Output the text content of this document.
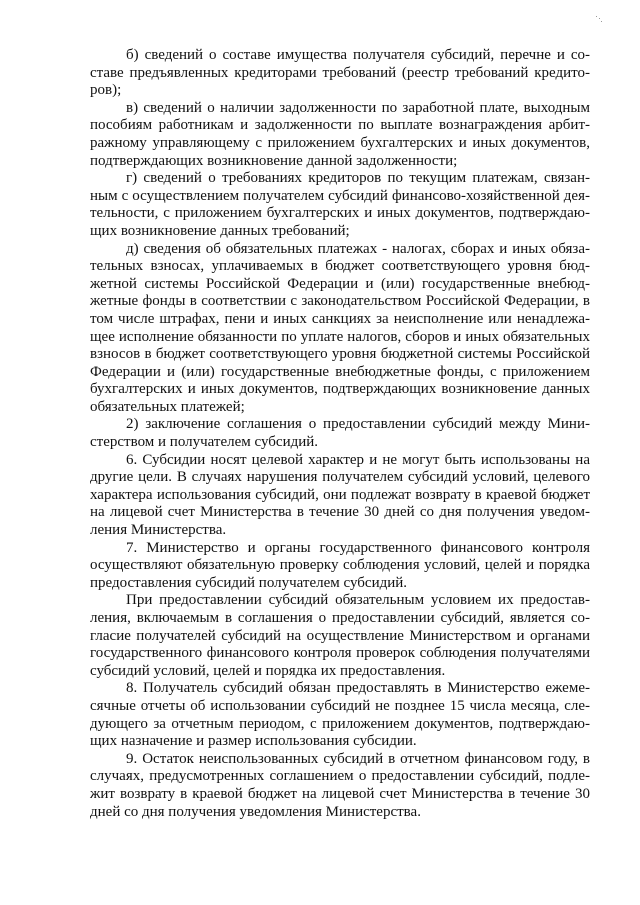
б) сведений о составе имущества получателя субсидий, перечне и составе предъявленных кредиторами требований (реестр требований кредиторов);

в) сведений о наличии задолженности по заработной плате, выходным пособиям работникам и задолженности по выплате вознаграждения арбитражному управляющему с приложением бухгалтерских и иных документов, подтверждающих возникновение данной задолженности;

г) сведений о требованиях кредиторов по текущим платежам, связанным с осуществлением получателем субсидий финансово-хозяйственной деятельности, с приложением бухгалтерских и иных документов, подтверждающих возникновение данных требований;

д) сведения об обязательных платежах - налогах, сборах и иных обязательных взносах, уплачиваемых в бюджет соответствующего уровня бюджетной системы Российской Федерации и (или) государственные внебюджетные фонды в соответствии с законодательством Российской Федерации, в том числе штрафах, пени и иных санкциях за неисполнение или ненадлежащее исполнение обязанности по уплате налогов, сборов и иных обязательных взносов в бюджет соответствующего уровня бюджетной системы Российской Федерации и (или) государственные внебюджетные фонды, с приложением бухгалтерских и иных документов, подтверждающих возникновение данных обязательных платежей;

2) заключение соглашения о предоставлении субсидий между Министерством и получателем субсидий.

6. Субсидии носят целевой характер и не могут быть использованы на другие цели. В случаях нарушения получателем субсидий условий, целевого характера использования субсидий, они подлежат возврату в краевой бюджет на лицевой счет Министерства в течение 30 дней со дня получения уведомления Министерства.

7. Министерство и органы государственного финансового контроля осуществляют обязательную проверку соблюдения условий, целей и порядка предоставления субсидий получателем субсидий.

При предоставлении субсидий обязательным условием их предоставления, включаемым в соглашения о предоставлении субсидий, является согласие получателей субсидий на осуществление Министерством и органами государственного финансового контроля проверок соблюдения получателями субсидий условий, целей и порядка их предоставления.

8. Получатель субсидий обязан предоставлять в Министерство ежемесячные отчеты об использовании субсидий не позднее 15 числа месяца, следующего за отчетным периодом, с приложением документов, подтверждающих назначение и размер использования субсидии.

9. Остаток неиспользованных субсидий в отчетном финансовом году, в случаях, предусмотренных соглашением о предоставлении субсидий, подлежит возврату в краевой бюджет на лицевой счет Министерства в течение 30 дней со дня получения уведомления Министерства.
